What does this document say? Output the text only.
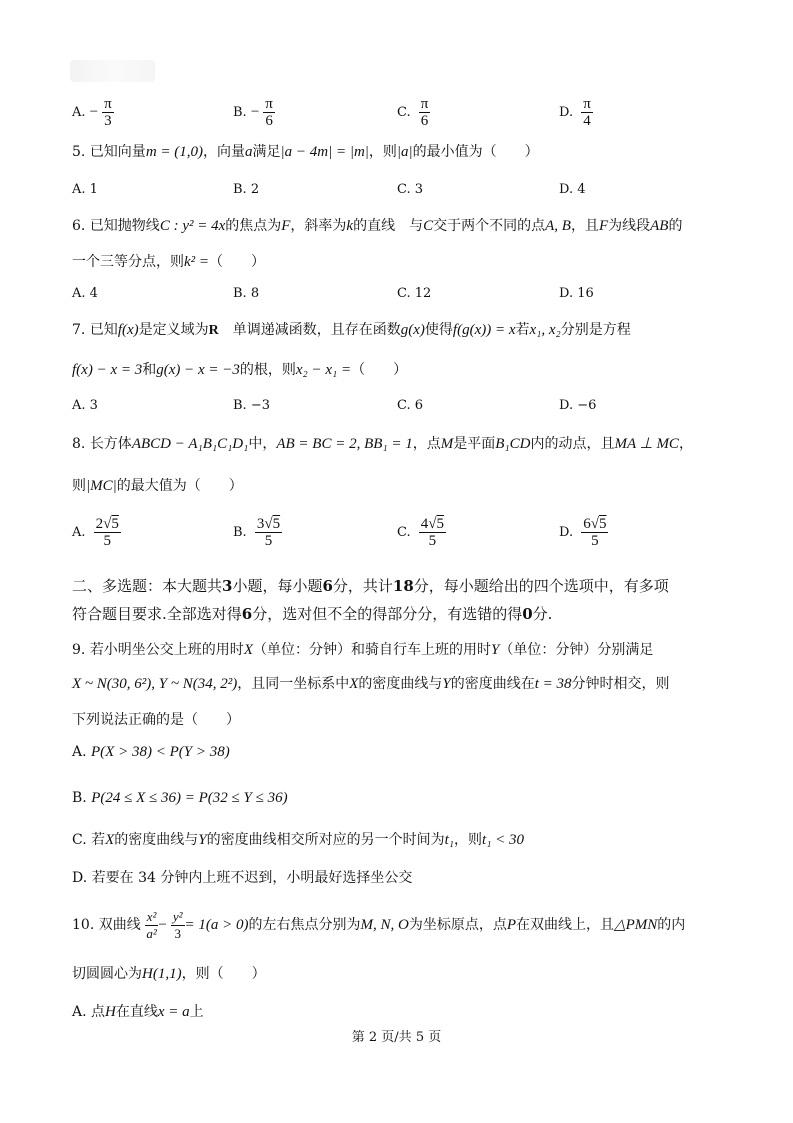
A. − $\frac{\pi}{3}$	B. − $\frac{\pi}{6}$	C. $\frac{\pi}{6}$	D. $\frac{\pi}{4}$
5. 已知向量m = (1,0)，向量a满足|a − 4m| = |m|，则|a|的最小值为（　　）
A. 1	B. 2	C. 3	D. 4
6. 已知抛物线C : y² = 4x的焦点为F，斜率为k的直线　与C交于两个不同的点A, B，且F为线段AB的
一个三等分点，则k² =（　　）
A. 4	B. 8	C. 12	D. 16
7. 已知f(x)是定义域为R　单调递减函数，且存在函数g(x)使得f(g(x)) = x若x₁, x₂分别是方程
f(x) − x = 3和g(x) − x = −3的根，则x₂ − x₁ =（　　）
A. 3	B. −3	C. 6	D. −6
8. 长方体ABCD − A₁B₁C₁D₁中，AB = BC = 2, BB₁ = 1，点M是平面B₁CD内的动点，且MA ⊥ MC，
则|MC|的最大值为（　　）
A. $\frac{2√5}{5}$	B. $\frac{3√5}{5}$	C. $\frac{4√5}{5}$	D. $\frac{6√5}{5}$
二、多选题：本大题共3小题，每小题6分，共计18分，每小题给出的四个选项中，有多项
符合题目要求.全部选对得6分，选对但不全的得部分分，有选错的得0分.
9. 若小明坐公交上班的用时X（单位：分钟）和骑自行车上班的用时Y（单位：分钟）分别满足
X ~ N(30, 6²), Y ~ N(34, 2²)，且同一坐标系中X的密度曲线与Y的密度曲线在t = 38分钟时相交，则
下列说法正确的是（　　）
A. P(X > 38) < P(Y > 38)
B. P(24 ≤ X ≤ 36) = P(32 ≤ Y ≤ 36)
C. 若X的密度曲线与Y的密度曲线相交所对应的另一个时间为t₁，则t₁ < 30
D. 若要在 34 分钟内上班不迟到，小明最好选择坐公交
10. 双曲线 $\frac{\text{x²}}{\text{a²}} - \frac{\text{y²}}{3} = 1(a > 0)$的左右焦点分别为M, N, O为坐标原点，点P在双曲线上，且△PMN的内
切圆圆心为H(1,1)，则（　　）
A. 点H在直线x = a上
第 2 页/共 5 页
